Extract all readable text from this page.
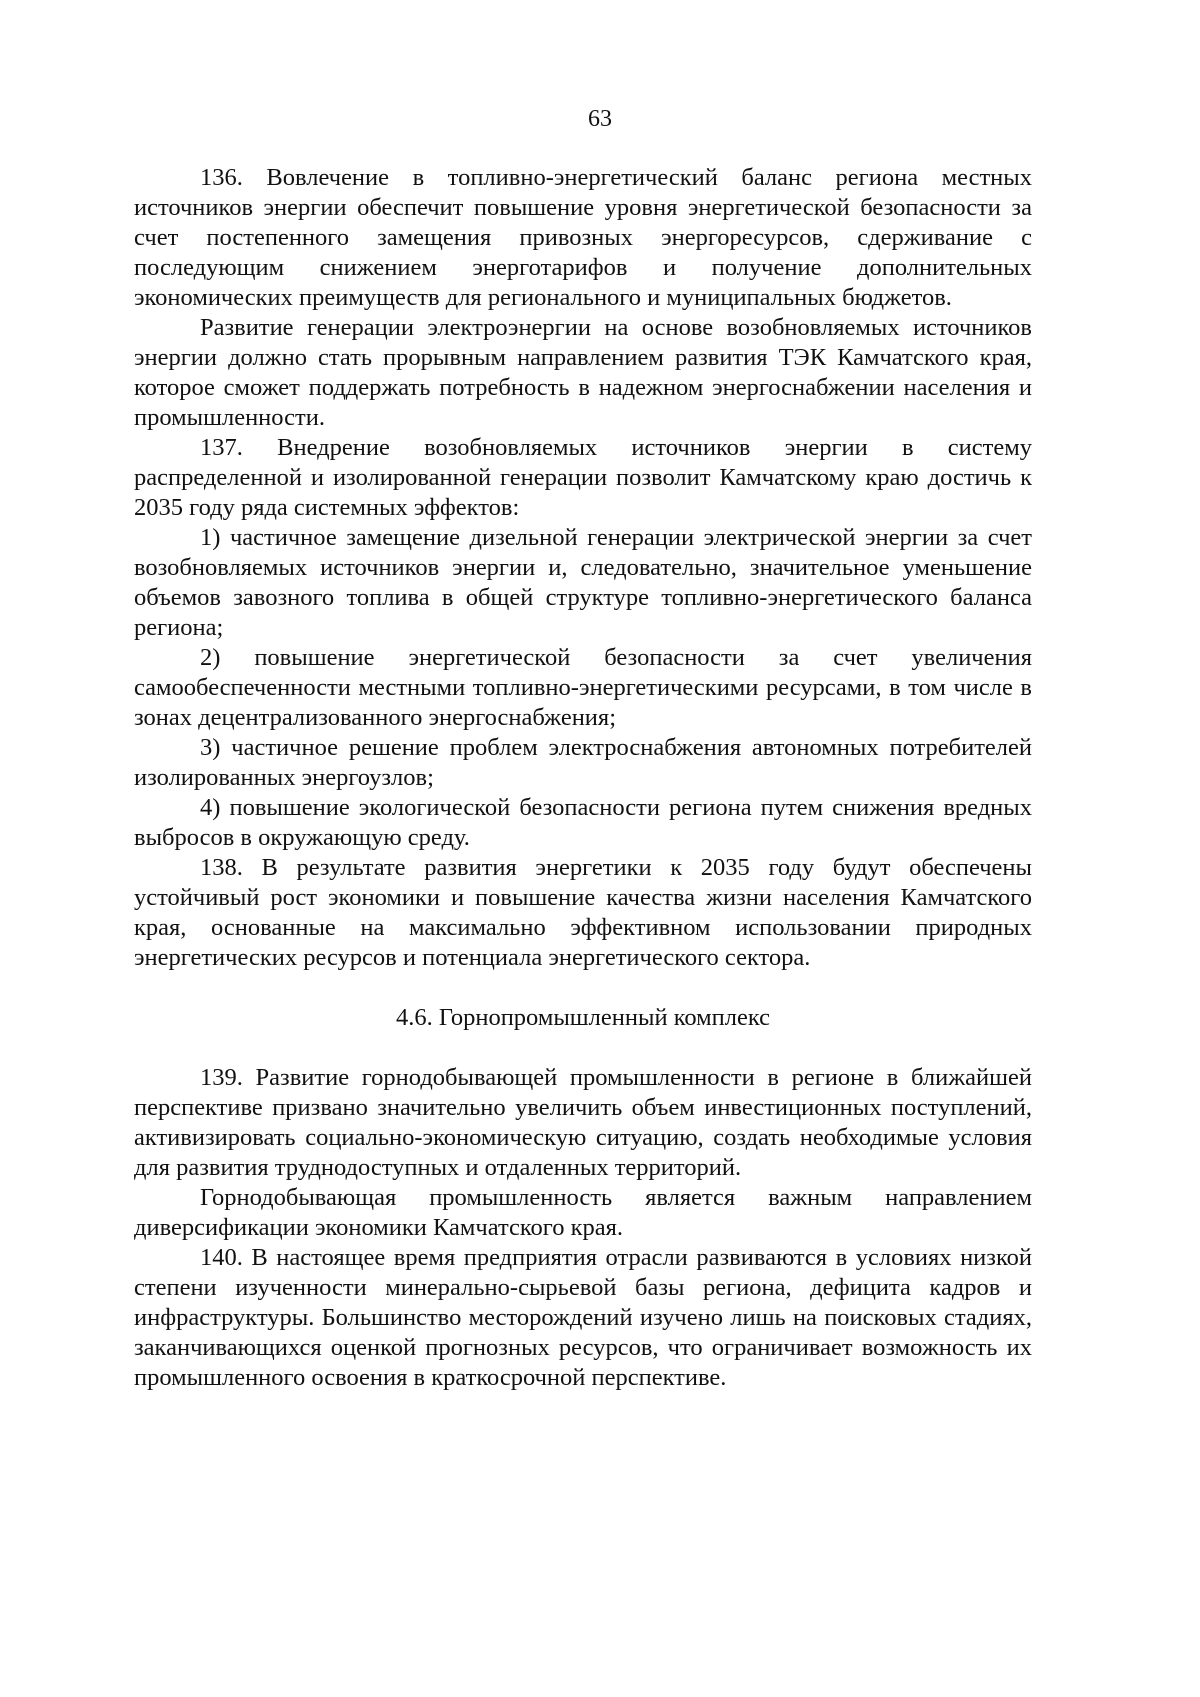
63

136. Вовлечение в топливно-энергетический баланс региона местных источников энергии обеспечит повышение уровня энергетической безопасности за счет постепенного замещения привозных энергоресурсов, сдерживание с последующим снижением энерготарифов и получение дополнительных экономических преимуществ для регионального и муниципальных бюджетов.

Развитие генерации электроэнергии на основе возобновляемых источников энергии должно стать прорывным направлением развития ТЭК Камчатского края, которое сможет поддержать потребность в надежном энергоснабжении населения и промышленности.

137. Внедрение возобновляемых источников энергии в систему распределенной и изолированной генерации позволит Камчатскому краю достичь к 2035 году ряда системных эффектов:

1) частичное замещение дизельной генерации электрической энергии за счет возобновляемых источников энергии и, следовательно, значительное уменьшение объемов завозного топлива в общей структуре топливно-энергетического баланса региона;

2) повышение энергетической безопасности за счет увеличения самообеспеченности местными топливно-энергетическими ресурсами, в том числе в зонах децентрализованного энергоснабжения;

3) частичное решение проблем электроснабжения автономных потребителей изолированных энергоузлов;

4) повышение экологической безопасности региона путем снижения вредных выбросов в окружающую среду.

138. В результате развития энергетики к 2035 году будут обеспечены устойчивый рост экономики и повышение качества жизни населения Камчатского края, основанные на максимально эффективном использовании природных энергетических ресурсов и потенциала энергетического сектора.

4.6. Горнопромышленный комплекс

139. Развитие горнодобывающей промышленности в регионе в ближайшей перспективе призвано значительно увеличить объем инвестиционных поступлений, активизировать социально-экономическую ситуацию, создать необходимые условия для развития труднодоступных и отдаленных территорий.

Горнодобывающая промышленность является важным направлением диверсификации экономики Камчатского края.

140. В настоящее время предприятия отрасли развиваются в условиях низкой степени изученности минерально-сырьевой базы региона, дефицита кадров и инфраструктуры. Большинство месторождений изучено лишь на поисковых стадиях, заканчивающихся оценкой прогнозных ресурсов, что ограничивает возможность их промышленного освоения в краткосрочной перспективе.
